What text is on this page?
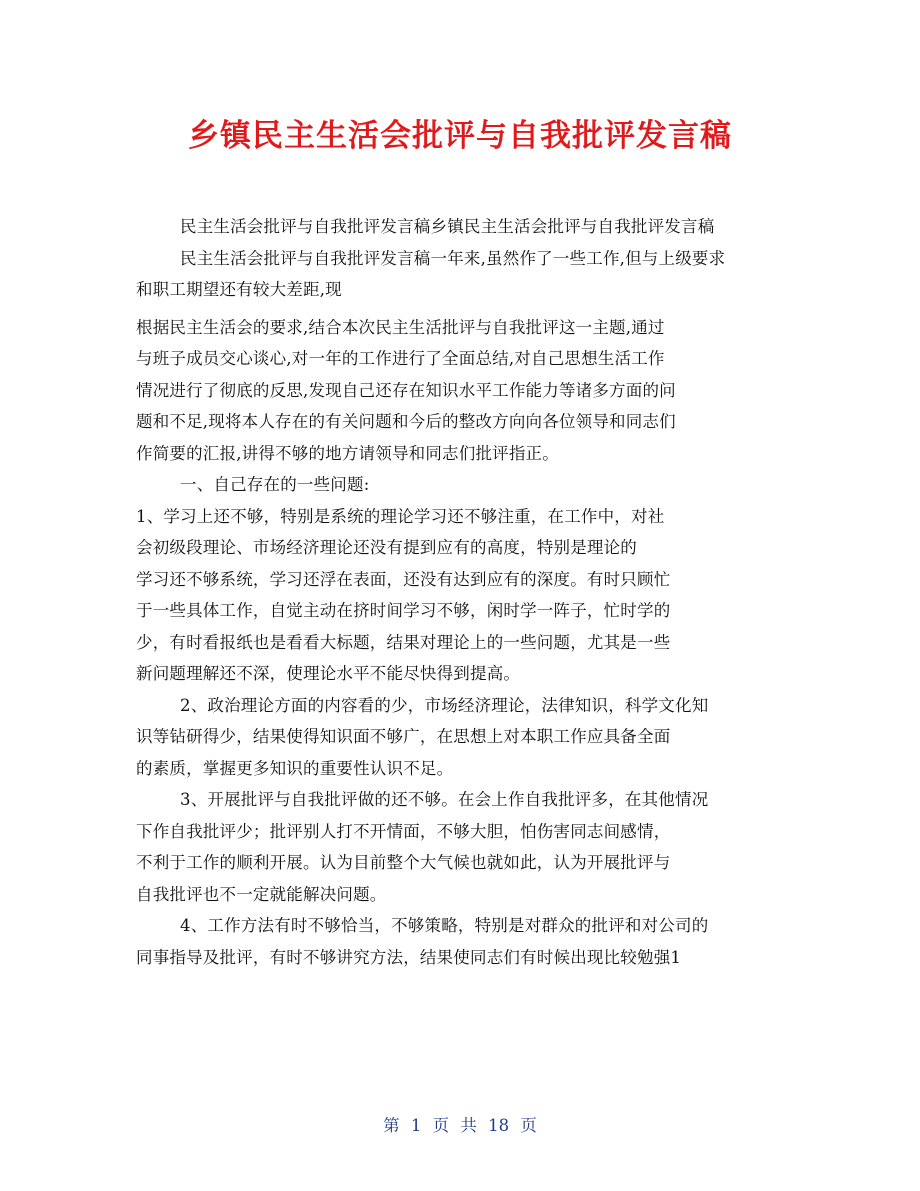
乡镇民主生活会批评与自我批评发言稿
民主生活会批评与自我批评发言稿乡镇民主生活会批评与自我批评发言稿
民主生活会批评与自我批评发言稿一年来,虽然作了一些工作,但与上级要求
和职工期望还有较大差距,现
根据民主生活会的要求,结合本次民主生活批评与自我批评这一主题,通过
与班子成员交心谈心,对一年的工作进行了全面总结,对自己思想生活工作
情况进行了彻底的反思,发现自己还存在知识水平工作能力等诸多方面的问
题和不足,现将本人存在的有关问题和今后的整改方向向各位领导和同志们
作简要的汇报,讲得不够的地方请领导和同志们批评指正。
一、自己存在的一些问题:
1、学习上还不够，特别是系统的理论学习还不够注重，在工作中，对社
会初级段理论、市场经济理论还没有提到应有的高度，特别是理论的
学习还不够系统，学习还浮在表面，还没有达到应有的深度。有时只顾忙
于一些具体工作，自觉主动在挤时间学习不够，闲时学一阵子，忙时学的
少，有时看报纸也是看看大标题，结果对理论上的一些问题，尤其是一些
新问题理解还不深，使理论水平不能尽快得到提高。
2、政治理论方面的内容看的少，市场经济理论，法律知识，科学文化知
识等钻研得少，结果使得知识面不够广，在思想上对本职工作应具备全面
的素质，掌握更多知识的重要性认识不足。
3、开展批评与自我批评做的还不够。在会上作自我批评多，在其他情况
下作自我批评少；批评别人打不开情面，不够大胆，怕伤害同志间感情，
不利于工作的顺利开展。认为目前整个大气候也就如此，认为开展批评与
自我批评也不一定就能解决问题。
4、工作方法有时不够恰当，不够策略，特别是对群众的批评和对公司的
同事指导及批评，有时不够讲究方法，结果使同志们有时候出现比较勉强1
第 1 页 共 18 页
